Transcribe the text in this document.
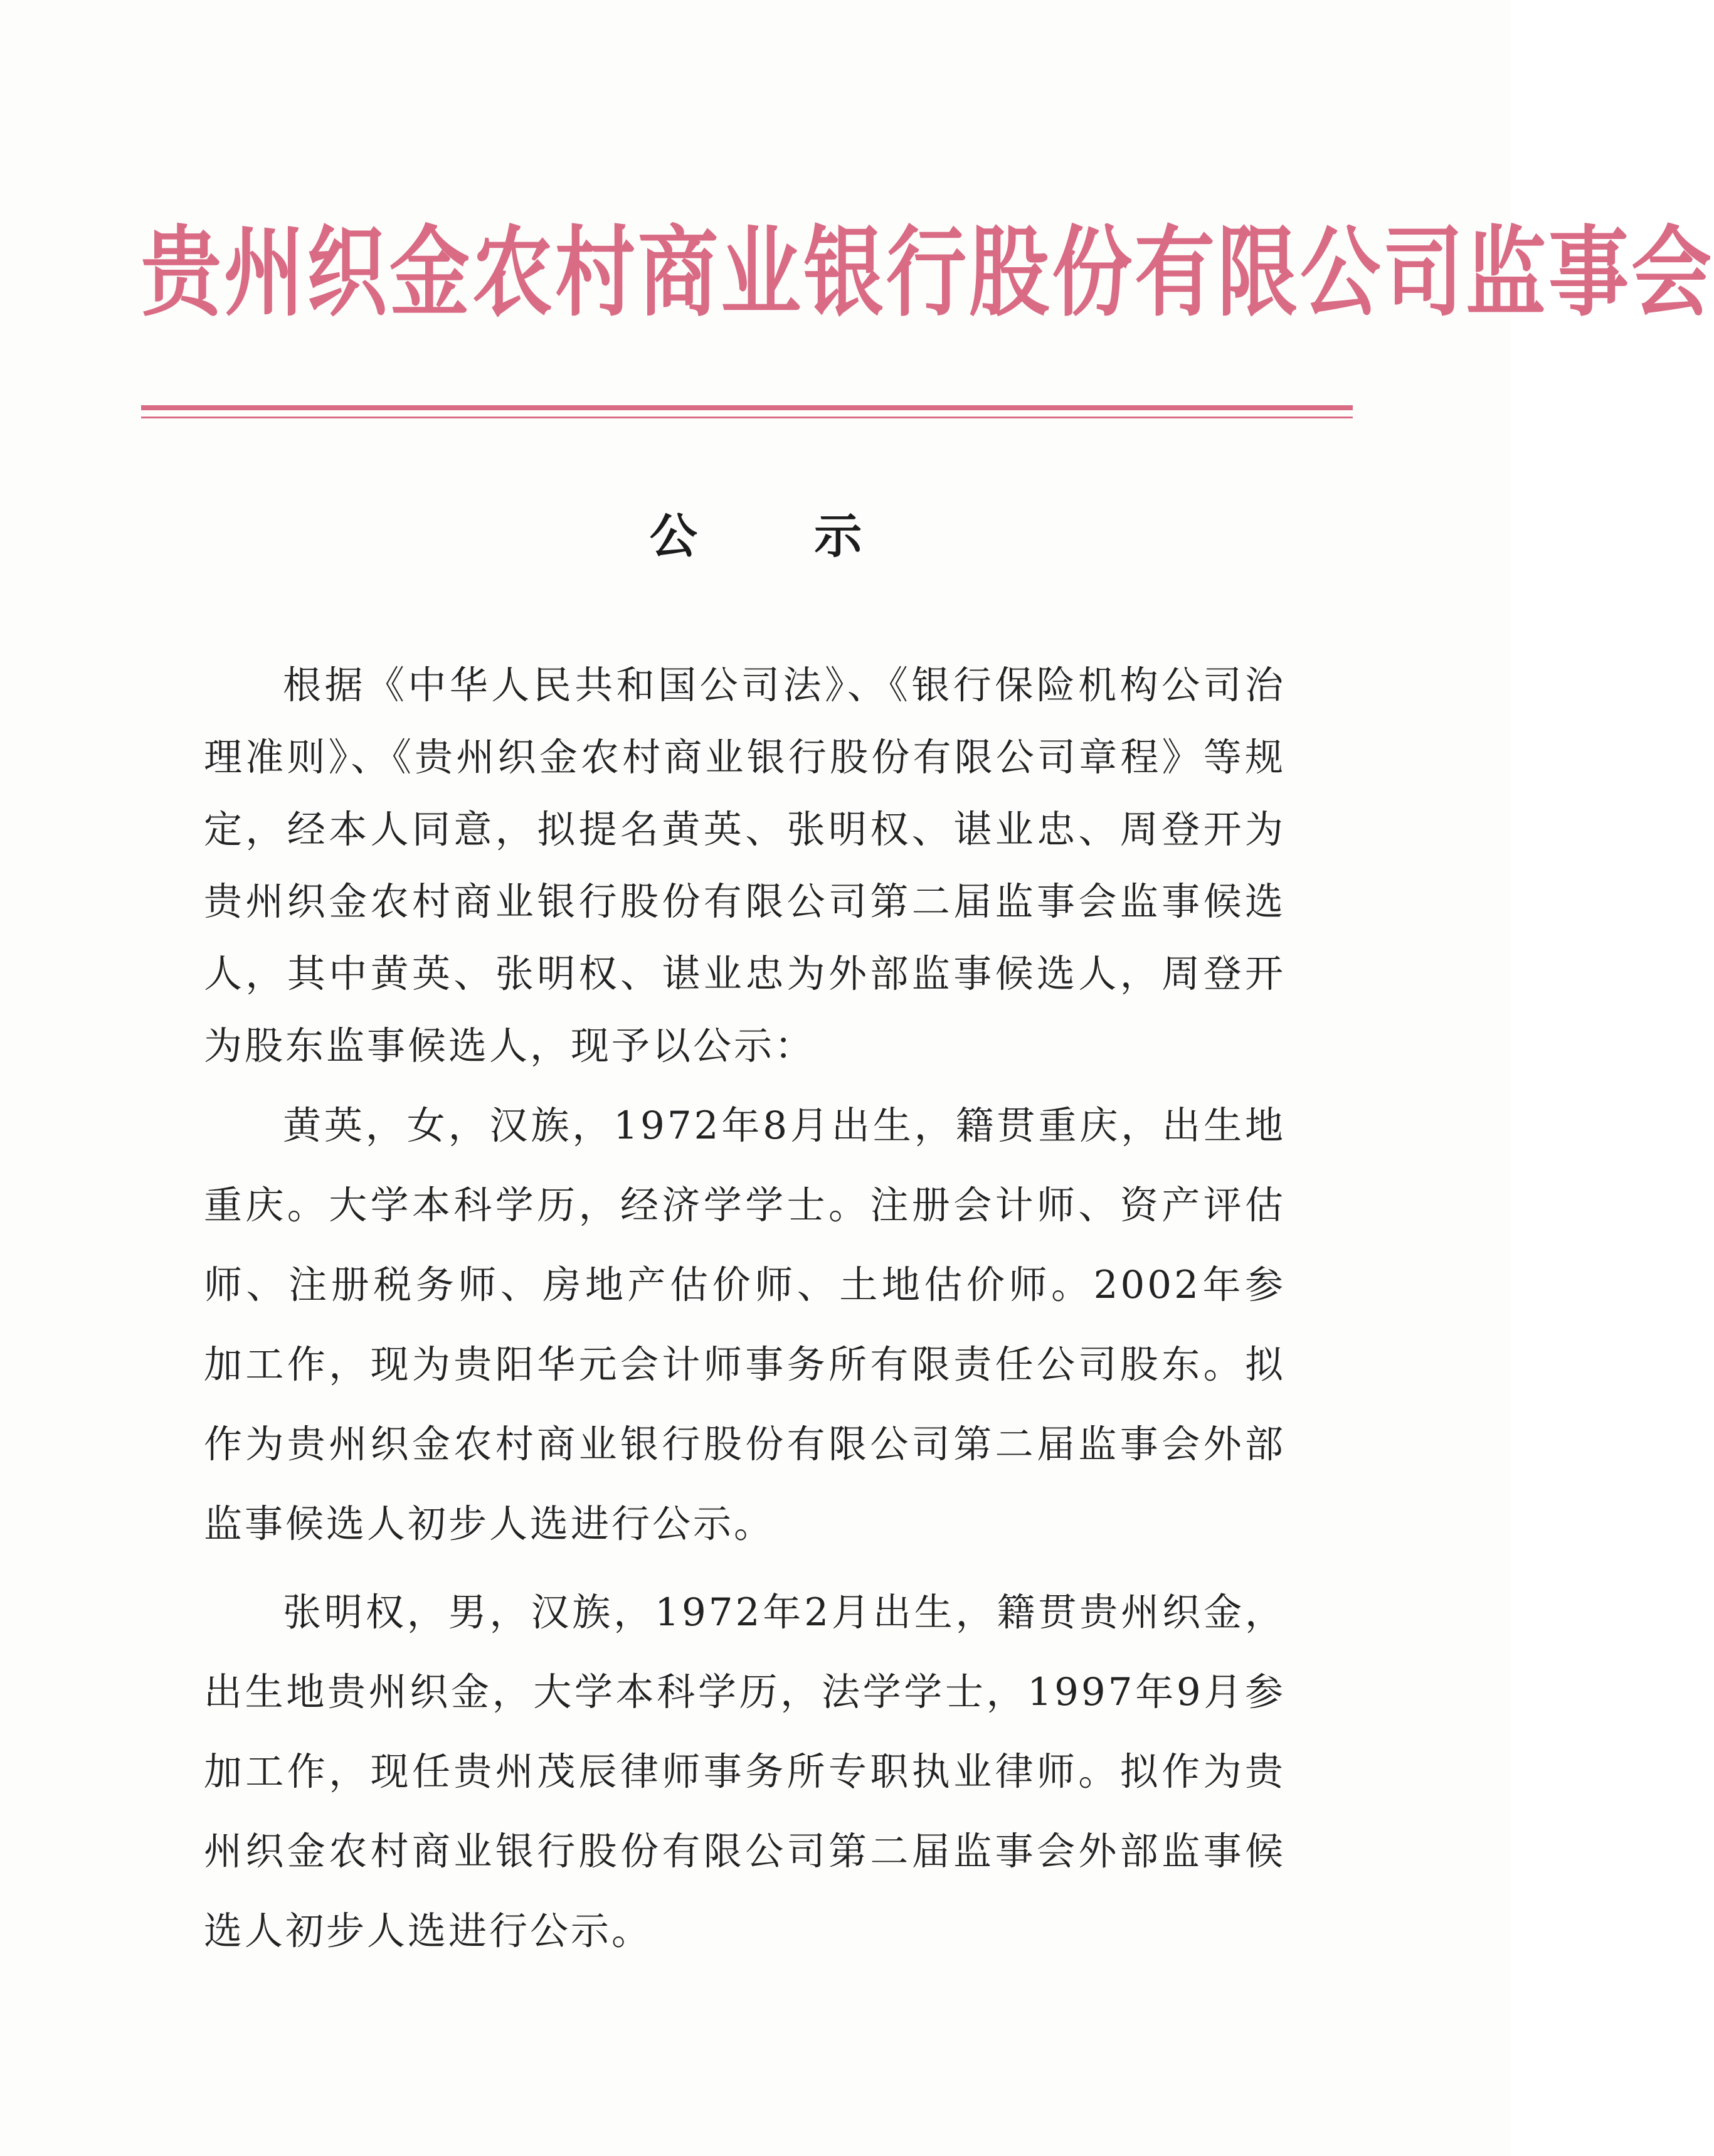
贵州织金农村商业银行股份有限公司监事会
公 示

根据《中华人民共和国公司法》、《银行保险机构公司治理准则》、《贵州织金农村商业银行股份有限公司章程》等规定，经本人同意，拟提名黄英、张明权、谌业忠、周登开为贵州织金农村商业银行股份有限公司第二届监事会监事候选人，其中黄英、张明权、谌业忠为外部监事候选人，周登开为股东监事候选人，现予以公示：

黄英，女，汉族，1972年8月出生，籍贯重庆，出生地重庆。大学本科学历，经济学学士。注册会计师、资产评估师、注册税务师、房地产估价师、土地估价师。2002年参加工作，现为贵阳华元会计师事务所有限责任公司股东。拟作为贵州织金农村商业银行股份有限公司第二届监事会外部监事候选人初步人选进行公示。

张明权，男，汉族，1972年2月出生，籍贯贵州织金，出生地贵州织金，大学本科学历，法学学士，1997年9月参加工作，现任贵州茂辰律师事务所专职执业律师。拟作为贵州织金农村商业银行股份有限公司第二届监事会外部监事候选人初步人选进行公示。
